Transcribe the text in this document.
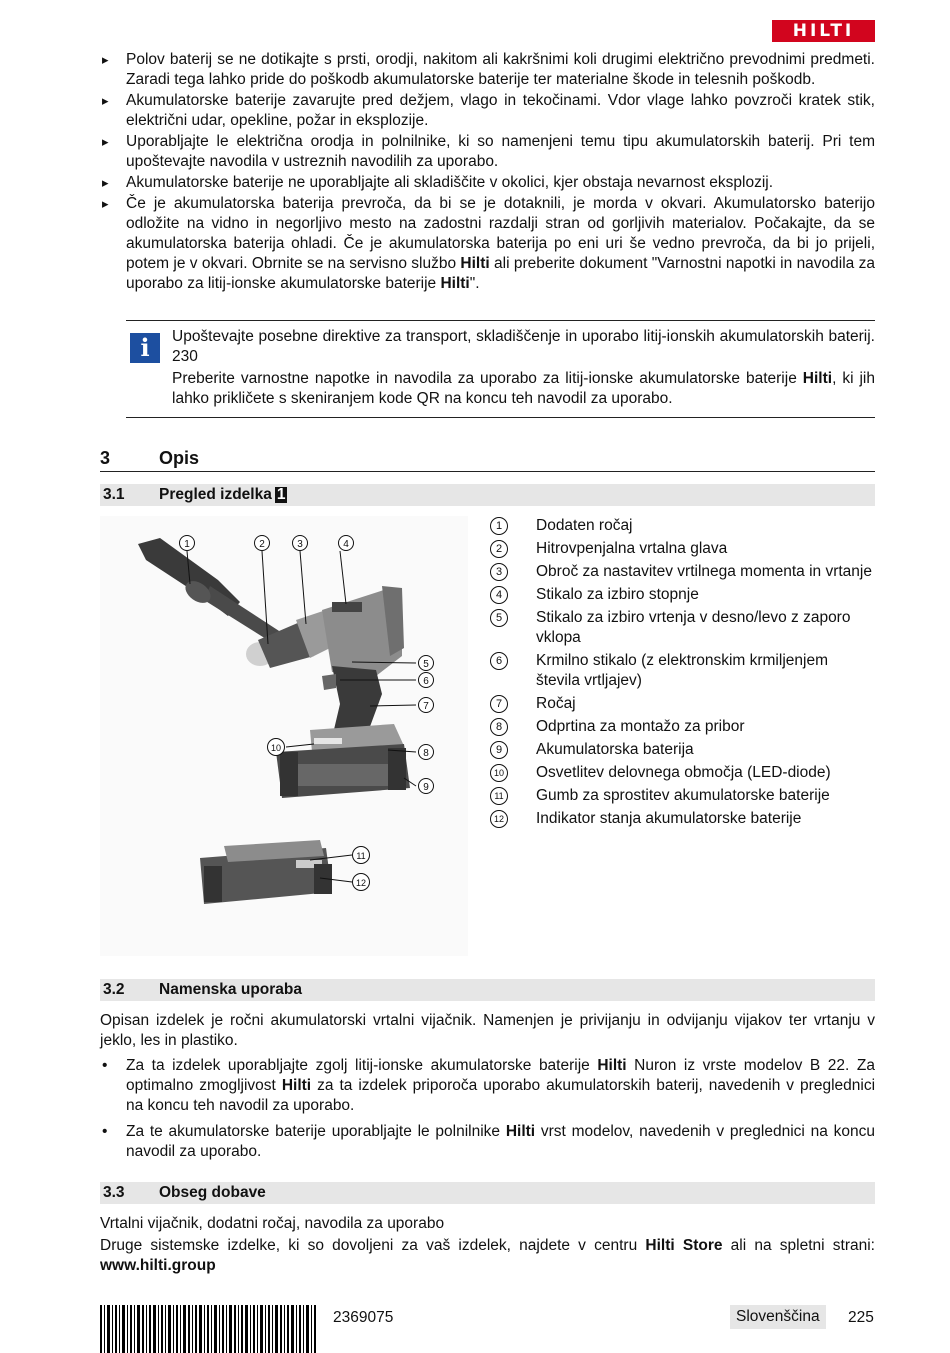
HILTI
▸ Polov baterij se ne dotikajte s prsti, orodji, nakitom ali kakršnimi koli drugimi električno prevodnimi predmeti. Zaradi tega lahko pride do poškodb akumulatorske baterije ter materialne škode in telesnih poškodb.
▸ Akumulatorske baterije zavarujte pred dežjem, vlago in tekočinami. Vdor vlage lahko povzroči kratek stik, električni udar, opekline, požar in eksplozije.
▸ Uporabljajte le električna orodja in polnilnike, ki so namenjeni temu tipu akumulatorskih baterij. Pri tem upoštevajte navodila v ustreznih navodilih za uporabo.
▸ Akumulatorske baterije ne uporabljajte ali skladiščite v okolici, kjer obstaja nevarnost eksplozij.
▸ Če je akumulatorska baterija prevroča, da bi se je dotaknili, je morda v okvari. Akumulatorsko baterijo odložite na vidno in negorljivo mesto na zadostni razdalji stran od gorljivih materialov. Počakajte, da se akumulatorska baterija ohladi. Če je akumulatorska baterija po eni uri še vedno prevroča, da bi jo prijeli, potem je v okvari. Obrnite se na servisno službo Hilti ali preberite dokument "Varnostni napotki in navodila za uporabo za litij-ionske akumulatorske baterije Hilti".
i	Upoštevajte posebne direktive za transport, skladiščenje in uporabo litij-ionskih akumulatorskih baterij. 230

Preberite varnostne napotke in navodila za uporabo za litij-ionske akumulatorske baterije Hilti, ki jih lahko prikličete s skeniranjem kode QR na koncu teh navodil za uporabo.

3	Opis
3.1 Pregled izdelka 1
1	2	3	4
5
6
7
10	8
9
11
12
1	Dodaten ročaj
2	Hitrovpenjalna vrtalna glava
3	Obroč za nastavitev vrtilnega momenta in vrtanje
4	Stikalo za izbiro stopnje
5	Stikalo za izbiro vrtenja v desno/levo z zaporo vklopa
6	Krmilno stikalo (z elektronskim krmiljenjem števila vrtljajev)
7	Ročaj
8	Odprtina za montažo za pribor
9	Akumulatorska baterija
10 Osvetlitev delovnega območja (LED-diode)
11 Gumb za sprostitev akumulatorske baterije
12 Indikator stanja akumulatorske baterije
3.2 Namenska uporaba

Opisan izdelek je ročni akumulatorski vrtalni vijačnik. Namenjen je privijanju in odvijanju vijakov ter vrtanju v jeklo, les in plastiko.

• Za ta izdelek uporabljajte zgolj litij-ionske akumulatorske baterije Hilti Nuron iz vrste modelov B 22. Za optimalno zmogljivost Hilti za ta izdelek priporoča uporabo akumulatorskih baterij, navedenih v preglednici na koncu teh navodil za uporabo.
• Za te akumulatorske baterije uporabljajte le polnilnike Hilti vrst modelov, navedenih v preglednici na koncu navodil za uporabo.
3.3 Obseg dobave

Vrtalni vijačnik, dodatni ročaj, navodila za uporabo

Druge sistemske izdelke, ki so dovoljeni za vaš izdelek, najdete v centru Hilti Store ali na spletni strani: www.hilti.group

2369075	Slovenščina	225
